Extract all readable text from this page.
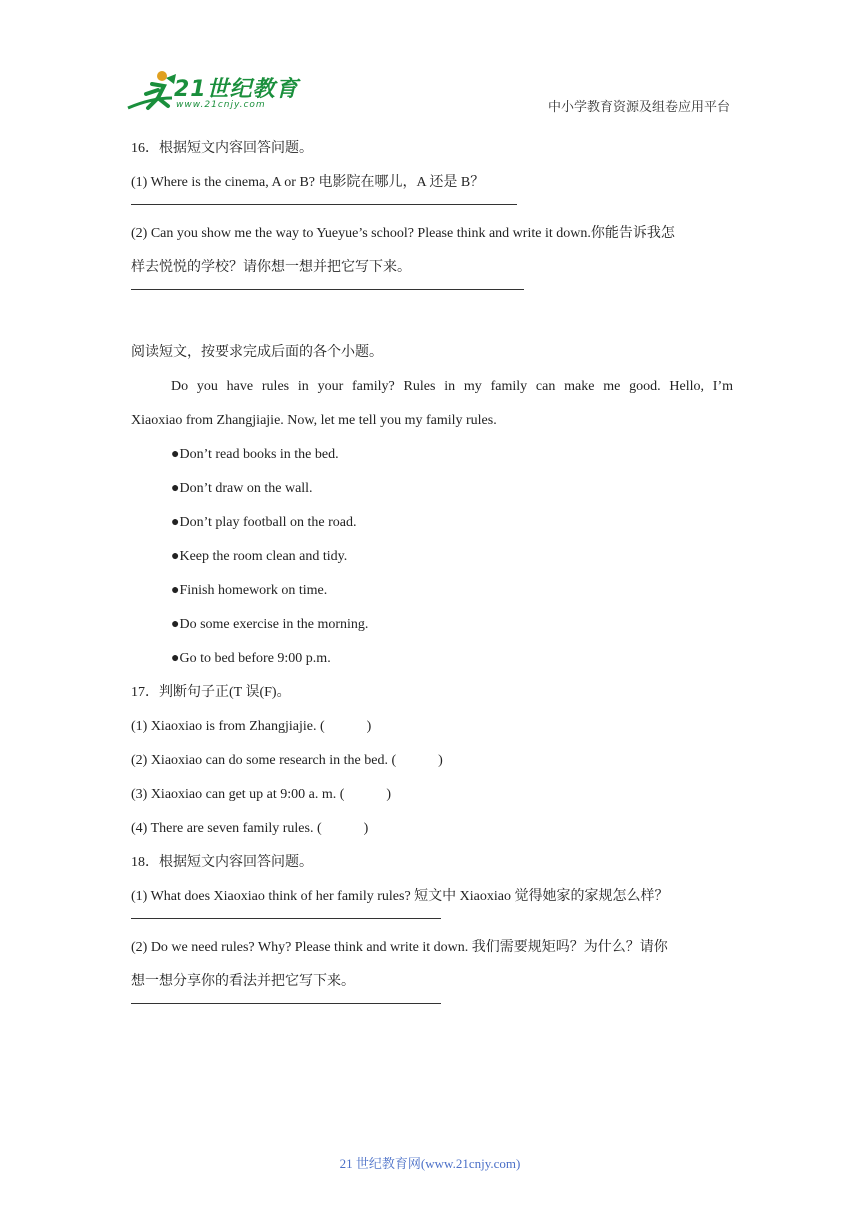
21世纪教育
www.21cnjy.com	中小学教育资源及组卷应用平台

16．根据短文内容回答问题。

(1) Where is the cinema, A or B? 电影院在哪儿，A 还是 B？

(2) Can you show me the way to Yueyue’s school? Please think and write it down.你能告诉我怎

样去悦悦的学校？请你想一想并把它写下来。

阅读短文，按要求完成后面的各个小题。

Do you have rules in your family? Rules in my family can make me good. Hello, I’m

Xiaoxiao from Zhangjiajie. Now, let me tell you my family rules.

●Don’t read books in the bed.

●Don’t draw on the wall.

●Don’t play football on the road.

●Keep the room clean and tidy.

●Finish homework on time.

●Do some exercise in the morning.

●Go to bed before 9:00 p.m.

17．判断句子正(T 误(F)。

(1) Xiaoxiao is from Zhangjiajie. (            )

(2) Xiaoxiao can do some research in the bed. (            )

(3) Xiaoxiao can get up at 9:00 a. m. (            )

(4) There are seven family rules. (            )

18．根据短文内容回答问题。

(1) What does Xiaoxiao think of her family rules? 短文中 Xiaoxiao 觉得她家的家规怎么样？

(2) Do we need rules? Why? Please think and write it down. 我们需要规矩吗？为什么？请你

想一想分享你的看法并把它写下来。

21 世纪教育网(www.21cnjy.com)
